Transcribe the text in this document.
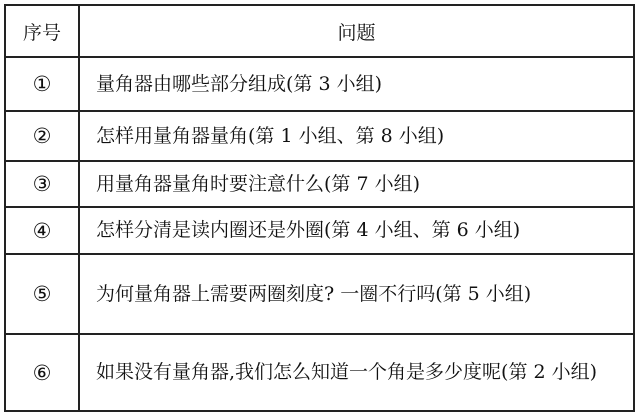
序号	问题
①	量角器由哪些部分组成(第 3 小组)
②	怎样用量角器量角(第 1 小组、第 8 小组)
③	用量角器量角时要注意什么(第 7 小组)
④	怎样分清是读内圈还是外圈(第 4 小组、第 6 小组)
⑤	为何量角器上需要两圈刻度? 一圈不行吗(第 5 小组)
⑥	如果没有量角器,我们怎么知道一个角是多少度呢(第 2 小组)
